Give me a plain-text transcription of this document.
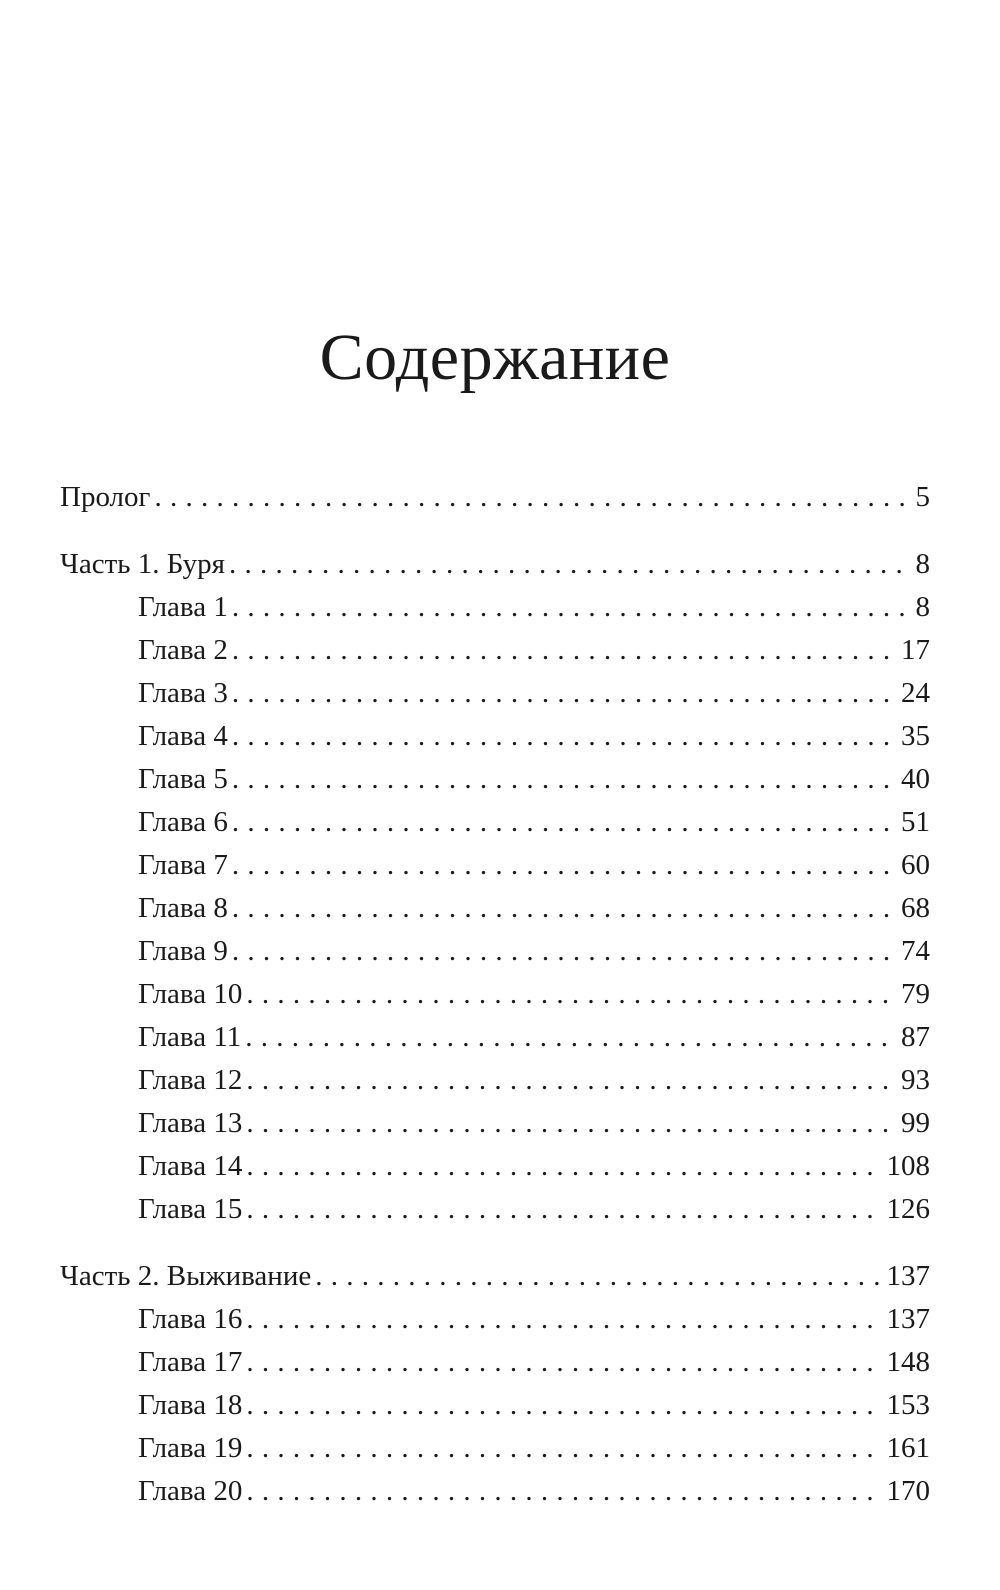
Содержание
Пролог . . .	5
Часть 1. Буря . . .	8
Глава 1 . . .	8
Глава 2 . . .	17
Глава 3 . . .	24
Глава 4 . . .	35
Глава 5 . . .	40
Глава 6 . . .	51
Глава 7 . . .	60
Глава 8 . . .	68
Глава 9 . . .	74
Глава 10 . . .	79
Глава 11 . . .	87
Глава 12 . . .	93
Глава 13 . . .	99
Глава 14 . . .	108
Глава 15 . . .	126
Часть 2. Выживание . . .	137
Глава 16 . . .	137
Глава 17 . . .	148
Глава 18 . . .	153
Глава 19 . . .	161
Глава 20 . . .	170
